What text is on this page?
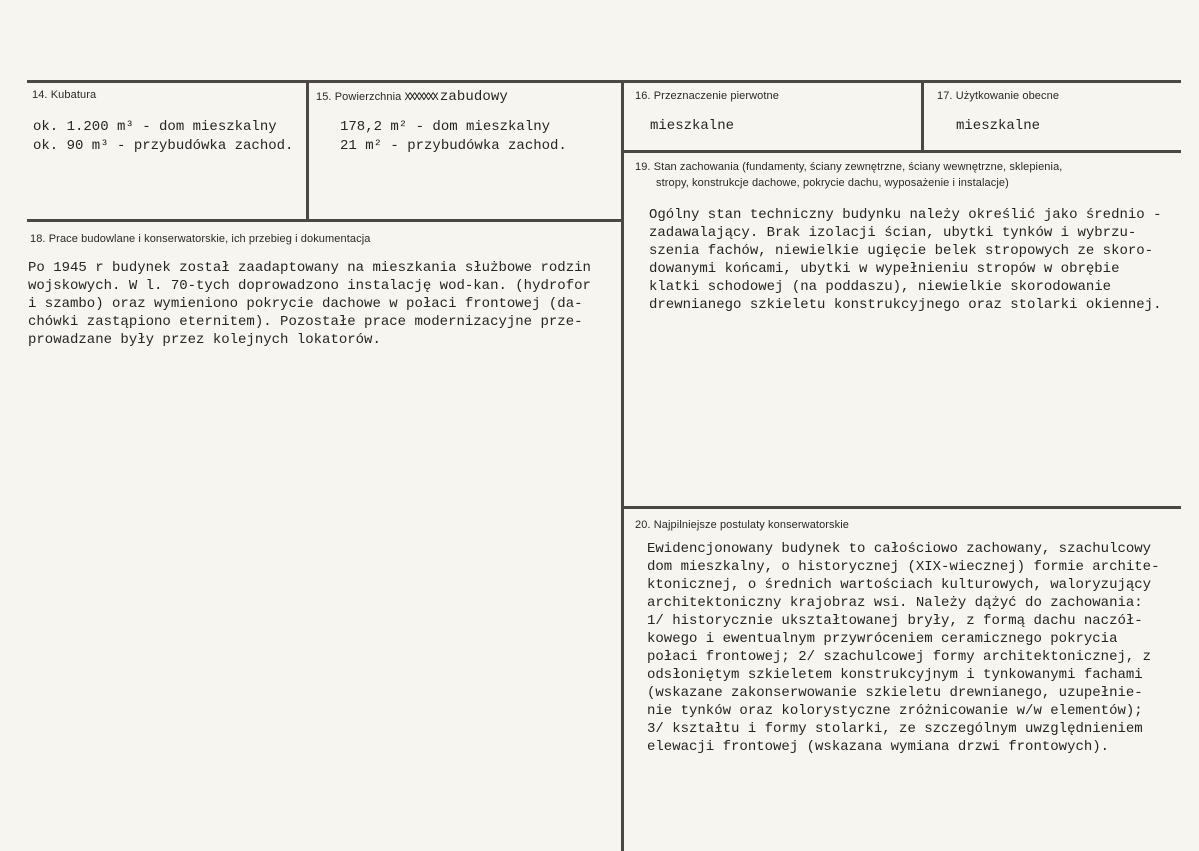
14. Kubatura
ok. 1.200 m³ - dom mieszkalny
ok. 90 m³ - przybudówka zachod.
15. Powierzchnia XXXXXXX zabudowy
178,2 m² - dom mieszkalny
21 m² - przybudówka zachod.
16. Przeznaczenie pierwotne
mieszkalne
17. Użytkowanie obecne
mieszkalne
18. Prace budowlane i konserwatorskie, ich przebieg i dokumentacja
Po 1945 r budynek został zaadaptowany na mieszkania służbowe rodzin
wojskowych. W l. 70-tych doprowadzono instalację wod-kan. (hydrofor
i szambo) oraz wymieniono pokrycie dachowe w połaci frontowej (da-
chówki zastąpiono eternitem). Pozostałe prace modernizacyjne prze-
prowadzane były przez kolejnych lokatorów.
19. Stan zachowania (fundamenty, ściany zewnętrzne, ściany wewnętrzne, sklepienia,
stropy, konstrukcje dachowe, pokrycie dachu, wyposażenie i instalacje)
Ogólny stan techniczny budynku należy określić jako średnio -
zadawalający. Brak izolacji ścian, ubytki tynków i wybrzu-
szenia fachów, niewielkie ugięcie belek stropowych ze skoro-
dowanymi końcami, ubytki w wypełnieniu stropów w obrębie
klatki schodowej (na poddaszu), niewielkie skorodowanie
drewnianego szkieletu konstrukcyjnego oraz stolarki okiennej.
20. Najpilniejsze postulaty konserwatorskie
Ewidencjonowany budynek to całościowo zachowany, szachulcowy
dom mieszkalny, o historycznej (XIX-wiecznej) formie archite-
ktonicznej, o średnich wartościach kulturowych, waloryzujący
architektoniczny krajobraz wsi. Należy dążyć do zachowania:
1/ historycznie ukształtowanej bryły, z formą dachu naczół-
kowego i ewentualnym przywróceniem ceramicznego pokrycia
połaci frontowej; 2/ szachulcowej formy architektonicznej, z
odsłoniętym szkieletem konstrukcyjnym i tynkowanymi fachami
(wskazane zakonserwowanie szkieletu drewnianego, uzupełnie-
nie tynków oraz kolorystyczne zróżnicowanie w/w elementów);
3/ kształtu i formy stolarki, ze szczególnym uwzględnieniem
elewacji frontowej (wskazana wymiana drzwi frontowych).
